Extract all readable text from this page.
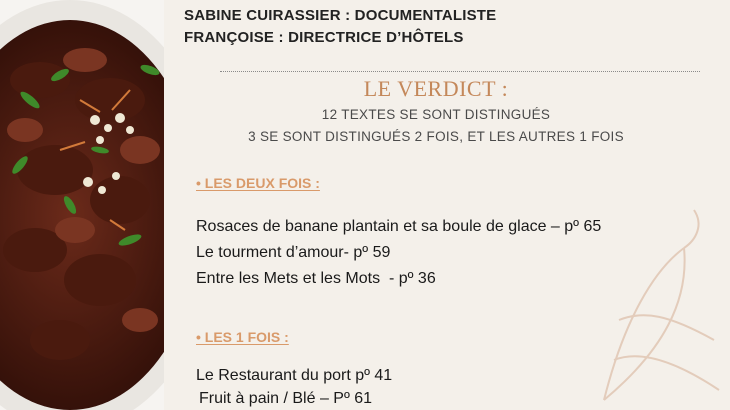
SABINE CUIRASSIER : DOCUMENTALISTE
FRANÇOISE : DIRECTRICE D’HÔTELS
LE VERDICT :
12 TEXTES SE SONT DISTINGUÉS
3 SE SONT DISTINGUÉS 2 FOIS, ET LES AUTRES 1 FOIS
• LES DEUX FOIS :
Rosaces de banane plantain et sa boule de glace – pº 65
Le tourment d’amour- pº 59
Entre les Mets et les Mots  - pº 36
• LES 1 FOIS :
Le Restaurant du port pº 41
Fruit à pain / Blé – Pº 61
